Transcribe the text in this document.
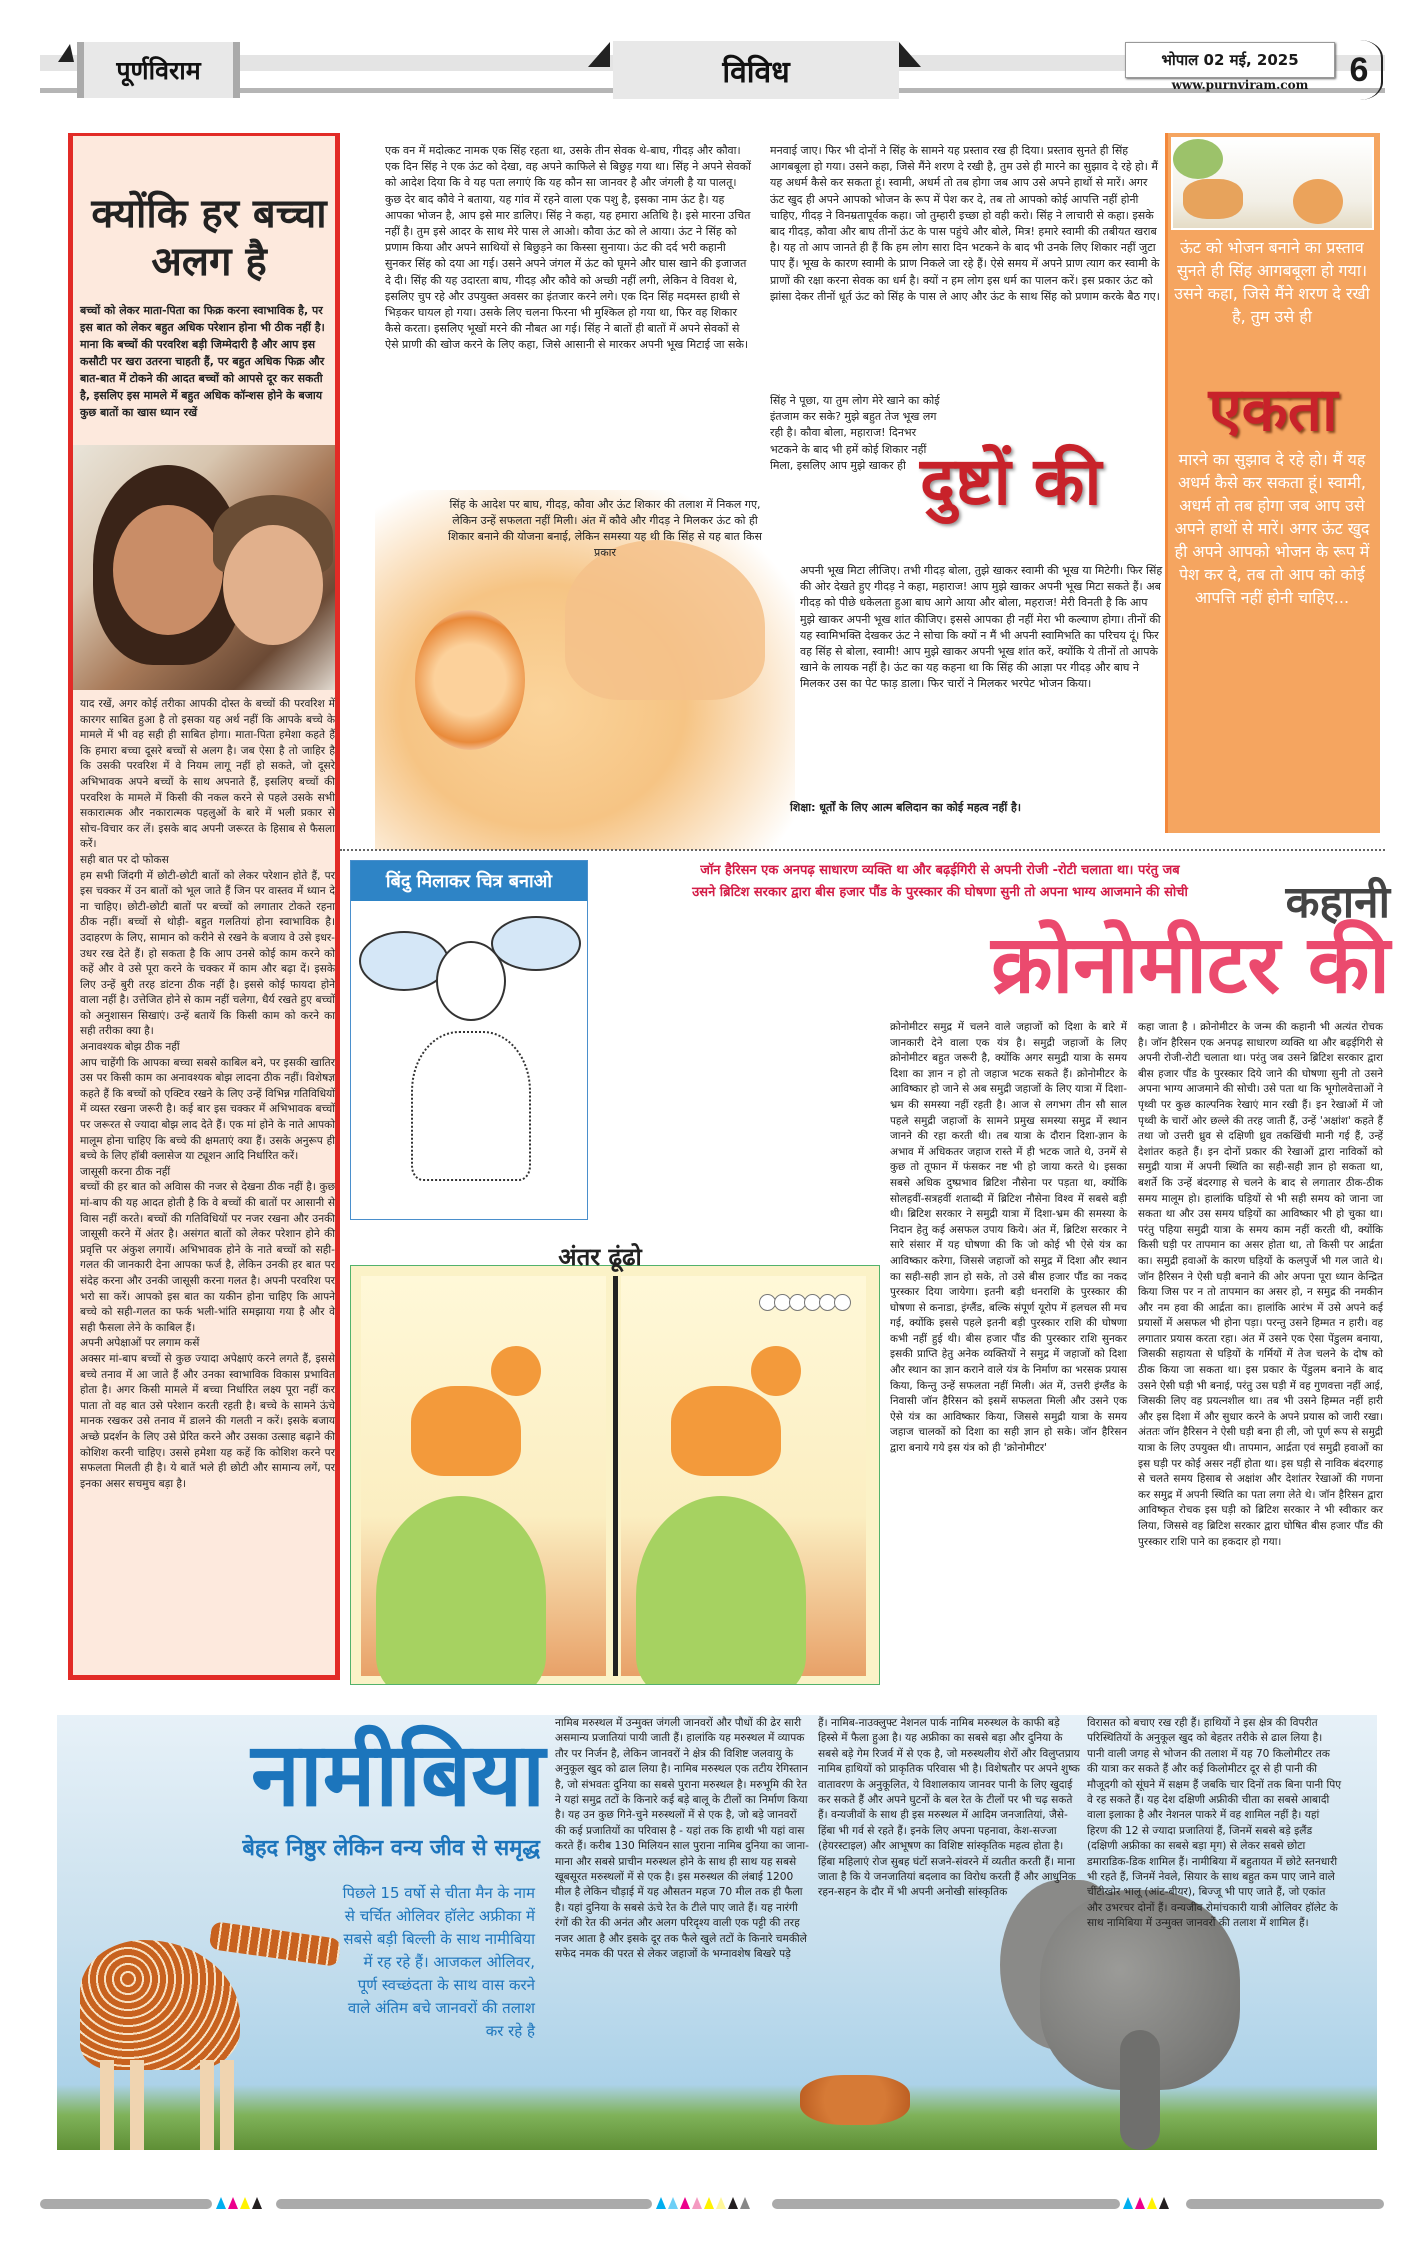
पूर्णविराम	विविध	भोपाल 02 मई, 2025
www.purnviram.com	6
क्योंकि हर बच्चा अलग है
बच्चों को लेकर माता-पिता का फिक्र करना स्वाभाविक है, पर इस बात को लेकर बहुत अधिक परेशान होना भी ठीक नहीं है। माना कि बच्चों की परवरिश बड़ी जिम्मेदारी है और आप इस कसौटी पर खरा उतरना चाहती हैं, पर बहुत अधिक फिक्र और बात-बात में टोकने की आदत बच्चों को आपसे दूर कर सकती है, इसलिए इस मामले में बहुत अधिक कॉन्शस होने के बजाय कुछ बातों का खास ध्यान रखें

याद रखें, अगर कोई तरीका आपकी दोस्त के बच्चों की परवरिश में कारगर साबित हुआ है तो इसका यह अर्थ नहीं कि आपके बच्चे के मामले में भी वह सही ही साबित होगा। माता-पिता हमेशा कहते हैं कि हमारा बच्चा दूसरे बच्चों से अलग है। जब ऐसा है तो जाहिर है कि उसकी परवरिश में वे नियम लागू नहीं हो सकते, जो दूसरे अभिभावक अपने बच्चों के साथ अपनाते हैं, इसलिए बच्चों की परवरिश के मामले में किसी की नकल करने से पहले उसके सभी सकारात्मक और नकारात्मक पहलुओं के बारे में भली प्रकार से सोच-विचार कर लें। इसके बाद अपनी जरूरत के हिसाब से फैसला करें।

सही बात पर दो फोकस

हम सभी जिंदगी में छोटी-छोटी बातों को लेकर परेशान होते हैं, पर इस चक्कर में उन बातों को भूल जाते हैं जिन पर वास्तव में ध्यान दे ना चाहिए। छोटी-छोटी बातों पर बच्चों को लगातार टोकते रहना ठीक नहीं। बच्चों से थोड़ी- बहुत गलतियां होना स्वाभाविक है। उदाहरण के लिए, सामान को करीने से रखने के बजाय वे उसे इधर- उधर रख देते हैं। हो सकता है कि आप उनसे कोई काम करने को कहें और वे उसे पूरा करने के चक्कर में काम और बढ़ा दें। इसके लिए उन्हें बुरी तरह डांटना ठीक नहीं है। इससे कोई फायदा होने वाला नहीं है। उत्तेजित होने से काम नहीं चलेगा, धैर्य रखते हुए बच्चों को अनुशासन सिखाएं। उन्हें बतायें कि किसी काम को करने का सही तरीका क्या है।

अनावश्यक बोझ ठीक नहीं

आप चाहेंगी कि आपका बच्चा सबसे काबिल बने, पर इसकी खातिर उस पर किसी काम का अनावश्यक बोझ लादना ठीक नहीं। विशेषज्ञ कहते हैं कि बच्चों को एक्टिव रखने के लिए उन्हें विभिन्न गतिविधियों में व्यस्त रखना जरूरी है। कई बार इस चक्कर में अभिभावक बच्चों पर जरूरत से ज्यादा बोझ लाद देते हैं। एक मां होने के नाते आपको मालूम होना चाहिए कि बच्चे की क्षमताएं क्या हैं। उसके अनुरूप ही बच्चे के लिए हॉबी क्लासेज या ट्यूशन आदि निर्धारित करें।

जासूसी करना ठीक नहीं

बच्चों की हर बात को अविास की नजर से देखना ठीक नहीं है। कुछ मां-बाप की यह आदत होती है कि वे बच्चों की बातों पर आसानी से विास नहीं करते। बच्चों की गतिविधियों पर नजर रखना और उनकी जासूसी करने में अंतर है। असंगत बातों को लेकर परेशान होने की प्रवृत्ति पर अंकुश लगायें। अभिभावक होने के नाते बच्चों को सही-गलत की जानकारी देना आपका फर्ज है, लेकिन उनकी हर बात पर संदेह करना और उनकी जासूसी करना गलत है। अपनी परवरिश पर भरो सा करें। आपको इस बात का यकीन होना चाहिए कि आपने बच्चे को सही-गलत का फर्क भली-भांति समझाया गया है और वे सही फैसला लेने के काबिल हैं।

अपनी अपेक्षाओं पर लगाम कसें

अक्सर मां-बाप बच्चों से कुछ ज्यादा अपेक्षाएं करने लगते हैं, इससे बच्चे तनाव में आ जाते हैं और उनका स्वाभाविक विकास प्रभावित होता है। अगर किसी मामले में बच्चा निर्धारित लक्ष्य पूरा नहीं कर पाता तो वह बात उसे परेशान करती रहती है। बच्चे के सामने ऊंचे मानक रखकर उसे तनाव में डालने की गलती न करें। इसके बजाय अच्छे प्रदर्शन के लिए उसे प्रेरित करने और उसका उत्साह बढ़ाने की कोशिश करनी चाहिए। उससे हमेशा यह कहें कि कोशिश करने पर सफलता मिलती ही है। ये बातें भले ही छोटी और सामान्य लगें, पर इनका असर सचमुच बड़ा है।

एक वन में मदोत्कट नामक एक सिंह रहता था, उसके तीन सेवक थे-बाघ, गीदड़ और कौवा। एक दिन सिंह ने एक ऊंट को देखा, वह अपने काफिले से बिछुड़ गया था। सिंह ने अपने सेवकों को आदेश दिया कि वे यह पता लगाएं कि यह कौन सा जानवर है और जंगली है या पालतू। कुछ देर बाद कौवे ने बताया, यह गांव में रहने वाला एक पशु है, इसका नाम ऊंट है। यह आपका भोजन है, आप इसे मार डालिए। सिंह ने कहा, यह हमारा अतिथि है। इसे मारना उचित नहीं है। तुम इसे आदर के साथ मेरे पास ले आओ। कौवा ऊंट को ले आया। ऊंट ने सिंह को प्रणाम किया और अपने साथियों से बिछुड़ने का किस्सा सुनाया। ऊंट की दर्द भरी कहानी सुनकर सिंह को दया आ गई। उसने अपने जंगल में ऊंट को घूमने और घास खाने की इजाजत दे दी। सिंह की यह उदारता बाघ, गीदड़ और कौवे को अच्छी नहीं लगी, लेकिन वे विवश थे, इसलिए चुप रहे और उपयुक्त अवसर का इंतजार करने लगे। एक दिन सिंह मदमस्त हाथी से भिड़कर घायल हो गया। उसके लिए चलना फिरना भी मुश्किल हो गया था, फिर वह शिकार कैसे करता। इसलिए भूखों मरने की नौबत आ गई। सिंह ने बातों ही बातों में अपने सेवकों से ऐसे प्राणी की खोज करने के लिए कहा, जिसे आसानी से मारकर अपनी भूख मिटाई जा सके।
सिंह के आदेश पर बाघ, गीदड़, कौवा और ऊंट शिकार की तलाश में निकल गए, लेकिन उन्हें सफलता नहीं मिली। अंत में कौवे और गीदड़ ने मिलकर ऊंट को ही शिकार बनाने की योजना बनाई, लेकिन समस्या यह थी कि सिंह से यह बात किस प्रकार
मनवाई जाए। फिर भी दोनों ने सिंह के सामने यह प्रस्ताव रख ही दिया। प्रस्ताव सुनते ही सिंह आगबबूला हो गया। उसने कहा, जिसे मैंने शरण दे रखी है, तुम उसे ही मारने का सुझाव दे रहे हो। मैं यह अधर्म कैसे कर सकता हूं। स्वामी, अधर्म तो तब होगा जब आप उसे अपने हाथों से मारें। अगर ऊंट खुद ही अपने आपको भोजन के रूप में पेश कर दे, तब तो आपको कोई आपत्ति नहीं होनी चाहिए, गीदड़ ने विनम्रतापूर्वक कहा। जो तुम्हारी इच्छा हो वही करो। सिंह ने लाचारी से कहा। इसके बाद गीदड़, कौवा और बाघ तीनों ऊंट के पास पहुंचे और बोले, मित्र! हमारे स्वामी की तबीयत खराब है। यह तो आप जानते ही हैं कि हम लोग सारा दिन भटकने के बाद भी उनके लिए शिकार नहीं जुटा पाए हैं। भूख के कारण स्वामी के प्राण निकले जा रहे हैं। ऐसे समय में अपने प्राण त्याग कर स्वामी के प्राणों की रक्षा करना सेवक का धर्म है। क्यों न हम लोग इस धर्म का पालन करें। इस प्रकार ऊंट को झांसा देकर तीनों धूर्त ऊंट को सिंह के पास ले आए और ऊंट के साथ सिंह को प्रणाम करके बैठ गए।
सिंह ने पूछा, या तुम लोग मेरे खाने का कोई इंतजाम कर सके? मुझे बहुत तेज भूख लग रही है। कौवा बोला, महाराज! दिनभर भटकने के बाद भी हमें कोई शिकार नहीं मिला, इसलिए आप मुझे खाकर ही दुष्टों की
अपनी भूख मिटा लीजिए। तभी गीदड़ बोला, तुझे खाकर स्वामी की भूख या मिटेगी। फिर सिंह की ओर देखते हुए गीदड़ ने कहा, महाराज! आप मुझे खाकर अपनी भूख मिटा सकते हैं। अब गीदड़ को पीछे धकेलता हुआ बाघ आगे आया और बोला, महराज! मेरी विनती है कि आप मुझे खाकर अपनी भूख शांत कीजिए। इससे आपका ही नहीं मेरा भी कल्याण होगा। तीनों की यह स्वामिभक्ति देखकर ऊंट ने सोचा कि क्यों न मैं भी अपनी स्वामिभति का परिचय दूं। फिर वह सिंह से बोला, स्वामी! आप मुझे खाकर अपनी भूख शांत करें, क्योंकि ये तीनों तो आपके खाने के लायक नहीं है। ऊंट का यह कहना था कि सिंह की आज्ञा पर गीदड़ और बाघ ने मिलकर उस का पेट फाड़ डाला। फिर चारों ने मिलकर भरपेट भोजन किया।
शिक्षा: धूर्तों के लिए आत्म बलिदान का कोई महत्व नहीं है।
ऊंट को भोजन बनाने का प्रस्ताव सुनते ही सिंह आगबबूला हो गया। उसने कहा, जिसे मैंने शरण दे रखी है, तुम उसे ही
एकता
मारने का सुझाव दे रहे हो। मैं यह अधर्म कैसे कर सकता हूं। स्वामी, अधर्म तो तब होगा जब आप उसे अपने हाथों से मारें। अगर ऊंट खुद ही अपने आपको भोजन के रूप में पेश कर दे, तब तो आप को कोई आपत्ति नहीं होनी चाहिए...
बिंदु मिलाकर चित्र बनाओ
अंतर ढूंढो
जॉन हैरिसन एक अनपढ़ साधारण व्यक्ति था और बढ़ईगिरी से अपनी रोजी -रोटी चलाता था। परंतु जब उसने ब्रिटिश सरकार द्वारा बीस हजार पौंड के पुरस्कार की घोषणा सुनी तो अपना भाग्य आजमाने की सोची	कहानी
क्रोनोमीटर की
क्रोनोमीटर समुद्र में चलने वाले जहाजों को दिशा के बारे में जानकारी देने वाला एक यंत्र है। समुद्री जहाजों के लिए क्रोनोमीटर बहुत जरूरी है, क्योंकि अगर समुद्री यात्रा के समय दिशा का ज्ञान न हो तो जहाज भटक सकते हैं। क्रोनोमीटर के आविष्कार हो जाने से अब समुद्री जहाजों के लिए यात्रा में दिशा- भ्रम की समस्या नहीं रहती है। आज से लगभग तीन सौ साल पहले समुद्री जहाजों के सामने प्रमुख समस्या समुद्र में स्थान जानने की रहा करती थी। तब यात्रा के दौरान दिशा-ज्ञान के अभाव में अधिकतर जहाज रास्ते में ही भटक जाते थे, उनमें से कुछ तो तूफान में फंसकर नष्ट भी हो जाया करते थे। इसका सबसे अधिक दुष्प्रभाव ब्रिटिश नौसेना पर पड़ता था, क्योंकि सोलहवीं-सत्रहवीं शताब्दी में ब्रिटिश नौसेना विश्व में सबसे बड़ी थी। ब्रिटिश सरकार ने समुद्री यात्रा में दिशा-भ्रम की समस्या के निदान हेतु कई असफल उपाय किये। अंत में, ब्रिटिश सरकार ने सारे संसार में यह घोषणा की कि जो कोई भी ऐसे यंत्र का आविष्कार करेगा, जिससे जहाजों को समुद्र में दिशा और स्थान का सही-सही ज्ञान हो सके, तो उसे बीस हजार पौंड का नकद पुरस्कार दिया जायेगा। इतनी बड़ी धनराशि के पुरस्कार की घोषणा से कनाडा, इंग्लैंड, बल्कि संपूर्ण यूरोप में हलचल सी मच गई, क्योंकि इससे पहले इतनी बड़ी पुरस्कार राशि की घोषणा कभी नहीं हुई थी। बीस हजार पौंड की पुरस्कार राशि सुनकर इसकी प्राप्ति हेतु अनेक व्यक्तियों ने समुद्र में जहाजों को दिशा और स्थान का ज्ञान कराने वाले यंत्र के निर्माण का भरसक प्रयास किया, किन्तु उन्हें सफलता नहीं मिली। अंत में, उत्तरी इंग्लैंड के निवासी जॉन हैरिसन को इसमें सफलता मिली और उसने एक ऐसे यंत्र का आविष्कार किया, जिससे समुद्री यात्रा के समय जहाज चालकों को दिशा का सही ज्ञान हो सके। जॉन हैरिसन द्वारा बनाये गये इस यंत्र को ही 'क्रोनोमीटर'
कहा जाता है । क्रोनोमीटर के जन्म की कहानी भी अत्यंत रोचक है। जॉन हैरिसन एक अनपढ़ साधारण व्यक्ति था और बढ़ईगिरी से अपनी रोजी-रोटी चलाता था। परंतु जब उसने ब्रिटिश सरकार द्वारा बीस हजार पौंड के पुरस्कार दिये जाने की घोषणा सुनी तो उसने अपना भाग्य आजमाने की सोची। उसे पता था कि भूगोलवेत्ताओं ने पृथ्वी पर कुछ काल्पनिक रेखाएं मान रखी हैं। इन रेखाओं में जो पृथ्वी के चारों ओर छल्ले की तरह जाती हैं, उन्हें 'अक्षांश' कहते हैं तथा जो उत्तरी ध्रुव से दक्षिणी ध्रुव तकखिंची मानी गई हैं, उन्हें देशांतर कहते हैं। इन दोनों प्रकार की रेखाओं द्वारा नाविकों को समुद्री यात्रा में अपनी स्थिति का सही-सही ज्ञान हो सकता था, बशर्ते कि उन्हें बंदरगाह से चलने के बाद से लगातार ठीक-ठीक समय मालूम हो। हालांकि घड़ियों से भी सही समय को जाना जा सकता था और उस समय घड़ियों का आविष्कार भी हो चुका था। परंतु पहिया समुद्री यात्रा के समय काम नहीं करती थी, क्योंकि किसी घड़ी पर तापमान का असर होता था, तो किसी पर आर्द्रता का। समुद्री हवाओं के कारण घड़ियों के कलपुर्जे भी गल जाते थे। जॉन हैरिसन ने ऐसी घड़ी बनाने की ओर अपना पूरा ध्यान केन्द्रित किया जिस पर न तो तापमान का असर हो, न समुद्र की नमकीन और नम हवा की आर्द्रता का। हालांकि आरंभ में उसे अपने कई प्रयासों में असफल भी होना पड़ा। परन्तु उसने हिम्मत न हारी। वह लगातार प्रयास करता रहा। अंत में उसने एक ऐसा पेंडुलम बनाया, जिसकी सहायता से घड़ियों के गर्मियों में तेज चलने के दोष को ठीक किया जा सकता था। इस प्रकार के पेंडुलम बनाने के बाद उसने ऐसी घड़ी भी बनाई, परंतु उस घड़ी में वह गुणवत्ता नहीं आई, जिसकी लिए वह प्रयत्नशील था। तब भी उसने हिम्मत नहीं हारी और इस दिशा में और सुधार करने के अपने प्रयास को जारी रखा। अंततः जॉन हैरिसन ने ऐसी घड़ी बना ही ली, जो पूर्ण रूप से समुद्री यात्रा के लिए उपयुक्त थी। तापमान, आर्द्रता एवं समुद्री हवाओं का इस घड़ी पर कोई असर नहीं होता था। इस घड़ी से नाविक बंदरगाह से चलते समय हिसाब से अक्षांश और देशांतर रेखाओं की गणना कर समुद्र में अपनी स्थिति का पता लगा लेते थे। जॉन हैरिसन द्वारा आविष्कृत रोचक इस घड़ी को ब्रिटिश सरकार ने भी स्वीकार कर लिया, जिससे वह ब्रिटिश सरकार द्वारा घोषित बीस हजार पौंड की पुरस्कार राशि पाने का हकदार हो गया।
नामीबिया
बेहद निष्ठुर लेकिन वन्य जीव से समृद्ध
पिछले 15 वर्षो से चीता मैन के नाम से चर्चित ओलिवर हॉलेट अफ्रीका में सबसे बड़ी बिल्ली के साथ नामीबिया में रह रहे हैं। आजकल ओलिवर, पूर्ण स्वच्छंदता के साथ वास करने वाले अंतिम बचे जानवरों की तलाश कर रहे है
नामिब मरुस्थल में उन्मुक्त जंगली जानवरों और पौधों की ढेर सारी असमान्य प्रजातियां पायी जाती हैं। हालांकि यह मरुस्थल में व्यापक तौर पर निर्जन है, लेकिन जानवरों ने क्षेत्र की विशिष्ट जलवायु के अनुकूल खुद को ढाल लिया है। नामिब मरुस्थल एक तटीय रेगिस्तान है, जो संभवतः दुनिया का सबसे पुराना मरुस्थल है। मरुभूमि की रेत ने यहां समुद्र तटों के किनारे कई बड़े बालू के टीलों का निर्माण किया है। यह उन कुछ गिने-चुने मरुस्थलों में से एक है, जो बड़े जानवरों की कई प्रजातियों का परिवास है - यहां तक कि हाथी भी यहां वास करते हैं। करीब 130 मिलियन साल पुराना नामिब दुनिया का जाना-माना और सबसे प्राचीन मरुस्थल होने के साथ ही साथ यह सबसे खूबसूरत मरुस्थलों में से एक है। इस मरुस्थल की लंबाई 1200 मील है लेकिन चौड़ाई में यह औसतन महज 70 मील तक ही फैला है। यहां दुनिया के सबसे ऊंचे रेत के टीले पाए जाते हैं। यह नारंगी रंगों की रेत की अनंत और अलग परिदृश्य वाली एक पट्टी की तरह नजर आता है और इसके दूर तक फैले खुले तटों के किनारे चमकीले सफेद नमक की परत से लेकर जहाजों के भग्नावशेष बिखरे पड़े
हैं। नामिब-नाउक्लुफ्ट नेशनल पार्क नामिब मरुस्थल के काफी बड़े हिस्से में फैला हुआ है। यह अफ्रीका का सबसे बड़ा और दुनिया के सबसे बड़े गेम रिजर्व में से एक है, जो मरुस्थलीय शेरों और विलुप्तप्राय नामिब हाथियों को प्राकृतिक परिवास भी है। विशेषतौर पर अपने शुष्क वातावरण के अनुकूलित, ये विशालकाय जानवर पानी के लिए खुदाई कर सकते हैं और अपने घुटनों के बल रेत के टीलों पर भी चढ़ सकते हैं। वन्यजीवों के साथ ही इस मरुस्थल में आदिम जनजातियां, जैसे- हिंबा भी गर्व से रहते हैं। इनके लिए अपना पहनावा, केश-सज्जा (हेयरस्टाइल) और आभूषण का विशिष्ट सांस्कृतिक महत्व होता है। हिंबा महिलाएं रोज सुबह घंटों सजने-संवरने में व्यतीत करती हैं। माना जाता है कि ये जनजातियां बदलाव का विरोध करती हैं और आधुनिक रहन-सहन के दौर में भी अपनी अनोखी सांस्कृतिक
विरासत को बचाए रख रही हैं। हाथियों ने इस क्षेत्र की विपरीत परिस्थितियों के अनुकूल खुद को बेहतर तरीके से ढाल लिया है। पानी वाली जगह से भोजन की तलाश में यह 70 किलोमीटर तक की यात्रा कर सकते हैं और कई किलोमीटर दूर से ही पानी की मौजूदगी को सूंघने में सक्षम हैं जबकि चार दिनों तक बिना पानी पिए वे रह सकते हैं। यह देश दक्षिणी अफ्रीकी चीता का सबसे आबादी वाला इलाका है और नेशनल पाकरे में वह शामिल नहीं है। यहां हिरण की 12 से ज्यादा प्रजातियां हैं, जिनमें सबसे बड़े इलैंड (दक्षिणी अफ्रीका का सबसे बड़ा मृग) से लेकर सबसे छोटा डमाराडिक-डिक शामिल हैं। नामीबिया में बहुतायत में छोटे स्तनधारी भी रहते हैं, जिनमें नेवले, सियार के साथ बहुत कम पाए जाने वाले चींटीखोर भालू (आंट-बीयर), बिज्जू भी पाए जाते हैं, जो एकांत और उभरचर दोनों हैं। वन्यजीव रोमांचकारी यात्री ओलिवर हॉलेट के साथ नामिबिया में उन्मुक्त जानवरों की तलाश में शामिल हैं।
